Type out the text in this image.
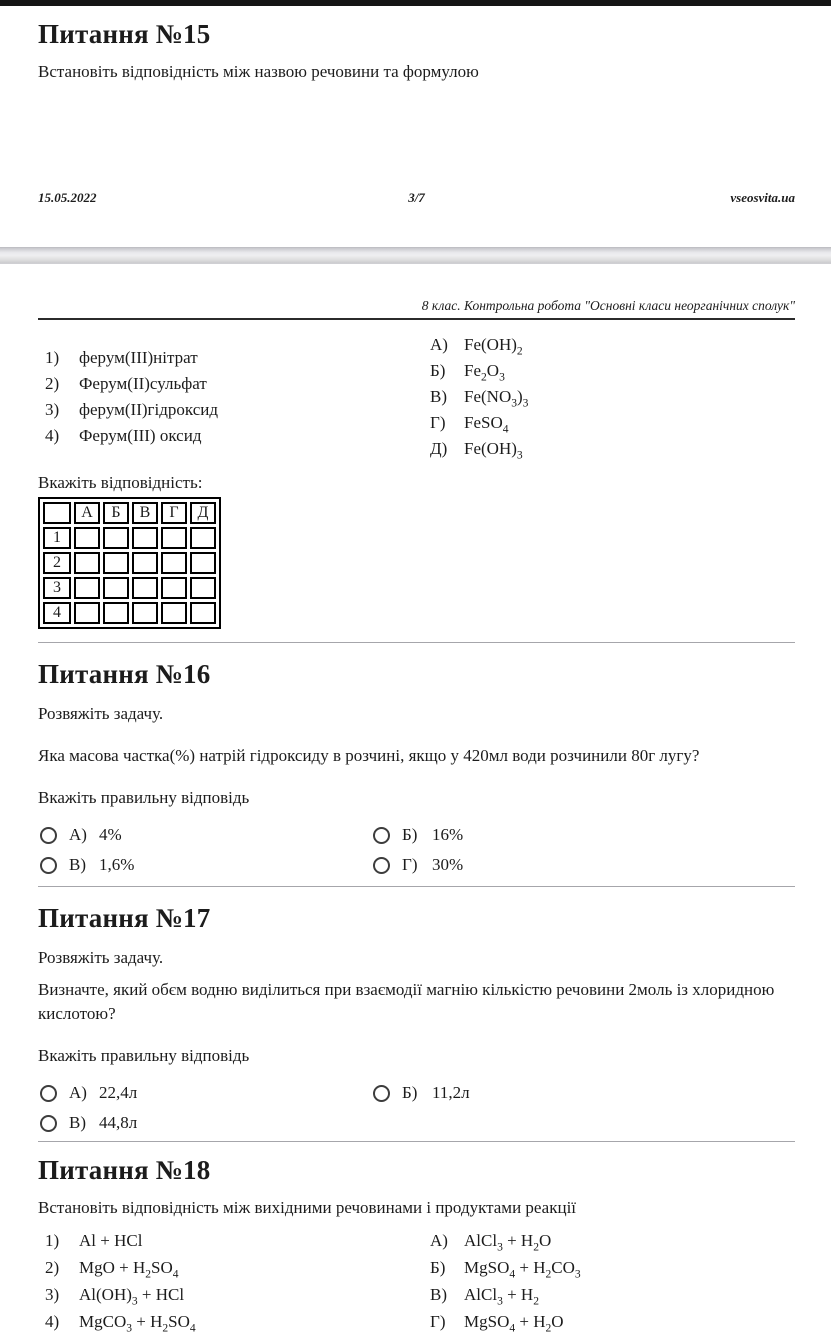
Питання №15

Встановіть відповідність між назвою речовини та формулою

15.05.2022	3/7	vseosvita.ua
8 клас. Контрольна робота "Основні класи неорганічних сполук"
1)	ферум(ІІІ)нітрат
2)	Ферум(ІІ)сульфат
3)	ферум(ІІ)гідроксид
4)	Ферум(ІІІ) оксид
А) $Fe(OH)_2$
Б)	$Fe_2O_3$
В)	$Fe(NO_3)_3$
Г)	FeSO$_4$
Д) $Fe(OH)_3$

Вкажіть відповідність:

	А	Б	В	Г	Д
1					
2					
3					
4					
Питання №16

Розвяжіть задачу.

Яка масова частка(%) натрій гідроксиду в розчині, якщо у 420мл води розчинили 80г лугу?

Вкажіть правильну відповідь

А) 4%	Б) 16%
В) 1,6%	Г) 30%
Питання №17

Розвяжіть задачу.

Визначте, який обєм водню виділиться при взаємодії магнію кількістю речовини 2моль із хлоридною кислотою?

Вкажіть правильну відповідь

А) 22,4л	Б) 11,2л
В) 44,8л
Питання №18

Встановіть відповідність між вихідними речовинами і продуктами реакції

1)	Al + HCl
2)	MgO + $H_2SO_4$
3)	$Al(OH)_3$ + HCl
4)	MgCO$_3$ + $H_2SO_4$
А) AlCl$_3$ + $H_2O$
Б)	MgSO$_4$ + $H_2CO_3$
В)	AlCl$_3$ + $H_2$
Г)	MgSO$_4$ + $H_2O$
